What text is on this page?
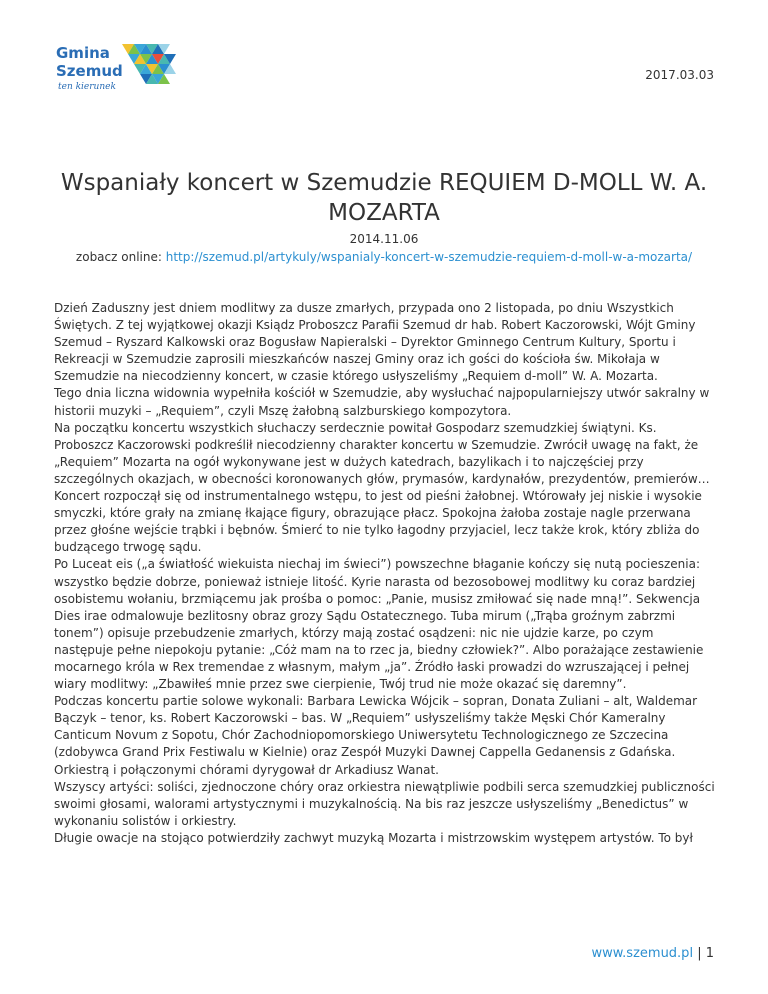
Gmina
Szemud
ten kierunek
2017.03.03
Wspaniały koncert w Szemudzie REQUIEM D-MOLL W. A. MOZARTA
2014.11.06
zobacz online: http://szemud.pl/artykuly/wspanialy-koncert-w-szemudzie-requiem-d-moll-w-a-mozarta/

Dzień Zaduszny jest dniem modlitwy za dusze zmarłych, przypada ono 2 listopada, po dniu Wszystkich Świętych. Z tej wyjątkowej okazji Ksiądz Proboszcz Parafii Szemud dr hab. Robert Kaczorowski, Wójt Gminy Szemud – Ryszard Kalkowski oraz Bogusław Napieralski – Dyrektor Gminnego Centrum Kultury, Sportu i Rekreacji w Szemudzie zaprosili mieszkańców naszej Gminy oraz ich gości do kościoła św. Mikołaja w Szemudzie na niecodzienny koncert, w czasie którego usłyszeliśmy „Requiem d-moll” W. A. Mozarta.

Tego dnia liczna widownia wypełniła kościół w Szemudzie, aby wysłuchać najpopularniejszy utwór sakralny w historii muzyki – „Requiem”, czyli Mszę żałobną salzburskiego kompozytora.

Na początku koncertu wszystkich słuchaczy serdecznie powitał Gospodarz szemudzkiej świątyni. Ks. Proboszcz Kaczorowski podkreślił niecodzienny charakter koncertu w Szemudzie. Zwrócił uwagę na fakt, że „Requiem” Mozarta na ogół wykonywane jest w dużych katedrach, bazylikach i to najczęściej przy szczególnych okazjach, w obecności koronowanych głów, prymasów, kardynałów, prezydentów, premierów…

Koncert rozpoczął się od instrumentalnego wstępu, to jest od pieśni żałobnej. Wtórowały jej niskie i wysokie smyczki, które grały na zmianę łkające figury, obrazujące płacz. Spokojna żałoba zostaje nagle przerwana przez głośne wejście trąbki i bębnów. Śmierć to nie tylko łagodny przyjaciel, lecz także krok, który zbliża do budzącego trwogę sądu.

Po Luceat eis („a światłość wiekuista niechaj im świeci”) powszechne błaganie kończy się nutą pocieszenia: wszystko będzie dobrze, ponieważ istnieje litość. Kyrie narasta od bezosobowej modlitwy ku coraz bardziej osobistemu wołaniu, brzmiącemu jak prośba o pomoc: „Panie, musisz zmiłować się nade mną!”. Sekwencja Dies irae odmalowuje bezlitosny obraz grozy Sądu Ostatecznego. Tuba mirum („Trąba groźnym zabrzmi tonem”) opisuje przebudzenie zmarłych, którzy mają zostać osądzeni: nic nie ujdzie karze, po czym następuje pełne niepokoju pytanie: „Cóż mam na to rzec ja, biedny człowiek?”. Albo porażające zestawienie mocarnego króla w Rex tremendae z własnym, małym „ja”. Źródło łaski prowadzi do wzruszającej i pełnej wiary modlitwy: „Zbawiłeś mnie przez swe cierpienie, Twój trud nie może okazać się daremny”.

Podczas koncertu partie solowe wykonali: Barbara Lewicka Wójcik – sopran, Donata Zuliani – alt, Waldemar Bączyk – tenor, ks. Robert Kaczorowski – bas. W „Requiem” usłyszeliśmy także Męski Chór Kameralny Canticum Novum z Sopotu, Chór Zachodniopomorskiego Uniwersytetu Technologicznego ze Szczecina (zdobywca Grand Prix Festiwalu w Kielnie) oraz Zespół Muzyki Dawnej Cappella Gedanensis z Gdańska. Orkiestrą i połączonymi chórami dyrygował dr Arkadiusz Wanat.

Wszyscy artyści: soliści, zjednoczone chóry oraz orkiestra niewątpliwie podbili serca szemudzkiej publiczności swoimi głosami, walorami artystycznymi i muzykalnością. Na bis raz jeszcze usłyszeliśmy „Benedictus” w wykonaniu solistów i orkiestry.

Długie owacje na stojąco potwierdziły zachwyt muzyką Mozarta i mistrzowskim występem artystów. To był

www.szemud.pl | 1
